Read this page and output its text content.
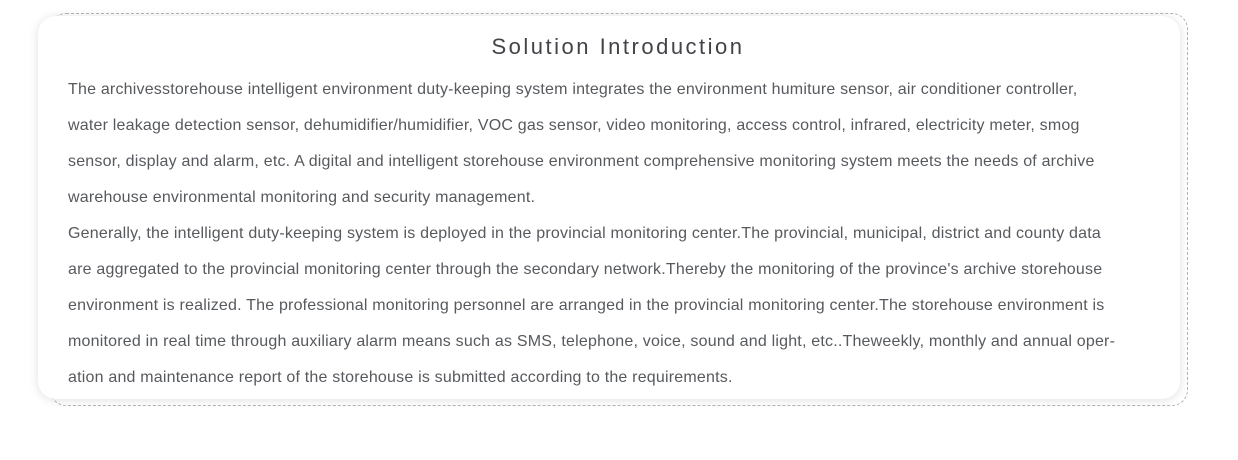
Solution Introduction
The archivesstorehouse intelligent environment duty-keeping system integrates the environment humiture sensor, air conditioner controller,
water leakage detection sensor, dehumidifier/humidifier, VOC gas sensor, video monitoring, access control, infrared, electricity meter, smog
sensor, display and alarm, etc. A digital and intelligent storehouse environment comprehensive monitoring system meets the needs of archive
warehouse environmental monitoring and security management.
Generally, the intelligent duty-keeping system is deployed in the provincial monitoring center.The provincial, municipal, district and county data
are aggregated to the provincial monitoring center through the secondary network.Thereby the monitoring of the province's archive storehouse
environment is realized. The professional monitoring personnel are arranged in the provincial monitoring center.The storehouse environment is
monitored in real time through auxiliary alarm means such as SMS, telephone, voice, sound and light, etc..Theweekly, monthly and annual oper-
ation and maintenance report of the storehouse is submitted according to the requirements.
